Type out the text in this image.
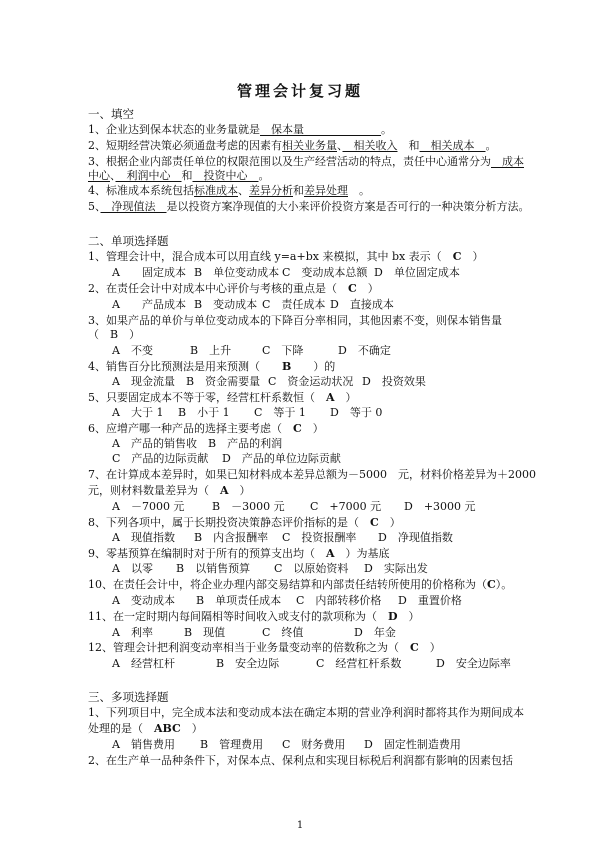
管理会计复习题
一、填空
1、企业达到保本状态的业务量就是　 保本量　　　　　　　	。
2、短期经营决策必须通盘考虑的因素有相关业务量、　 相关收入　 和　 相关成本　 。
3、根据企业内部责任单位的权限范围以及生产经营活动的特点，责任中心通常分为　 成本
中心、　 利润中心　 和　 投资中心　 。
4、标准成本系统包括标准成本、差异分析和差异处理　 。
5、　 净现值法　 是以投资方案净现值的大小来评价投资方案是否可行的一种决策分析方法。
二、单项选择题
1、管理会计中，混合成本可以用直线 y=a+bx 来模拟，其中 bx 表示（　 C　 ）
A　　固定成本 B　单位变动成本 C　变动成本总额 D　单位固定成本
2、在责任会计中对成本中心评价与考核的重点是（　 C　 ）
A　　产品成本 B　变动成本 C　责任成本 D　直接成本
3、如果产品的单价与单位变动成本的下降百分率相同，其他因素不变，则保本销售量
（　B　）
A　不变	B　上升	C　下降	D　不确定
4、销售百分比预测法是用来预测（　　 B　　 ）的
A　现金流量 B　资金需要量 C　资金运动状况 D　投资效果
5、只要固定成本不等于零，经营杠杆系数恒（　 A　 ）
A　大于 1 B　小于 1 C　等于 1 D　等于 0
6、应增产哪一种产品的选择主要考虑（　 C　 ）
A　产品的销售收 B　产品的利润
C　产品的边际贡献 D　产品的单位边际贡献
7、在计算成本差异时，如果已知材料成本差异总额为－5000　元，材料价格差异为＋2000
元，则材料数量差异为（　 A　 ）
A　－7000 元	B　－3000 元 C　+7000 元 D　+3000 元
8、下列各项中，属于长期投资决策静态评价指标的是（　 C　 ）
A　现值指数 B　内含报酬率 C　投资报酬率 D　净现值指数
9、零基预算在编制时对于所有的预算支出均（　 A　 ）为基底
A　以零 B　以销售预算 C　以原始资料 D　实际出发
10、在责任会计中，将企业办理内部交易结算和内部责任结转所使用的价格称为（C）。
A　变动成本 B　单项责任成本 C　内部转移价格 D　重置价格
11、在一定时期内每间隔相等时间收入或支付的款项称为（　 D　 ）
A　利率	B　现值	C　终值	D　年金
12、管理会计把利润变动率相当于业务量变动率的倍数称之为（　 C　 ）
A　经营杠杆	B　安全边际	C　经营杠杆系数	D　安全边际率
三、多项选择题
1、下列项目中，完全成本法和变动成本法在确定本期的营业净利润时都将其作为期间成本
处理的是（　 ABC　 ）
A　销售费用 B　管理费用 C　财务费用 D　固定性制造费用
2、在生产单一品种条件下，对保本点、保利点和实现目标税后利润都有影响的因素包括
1
